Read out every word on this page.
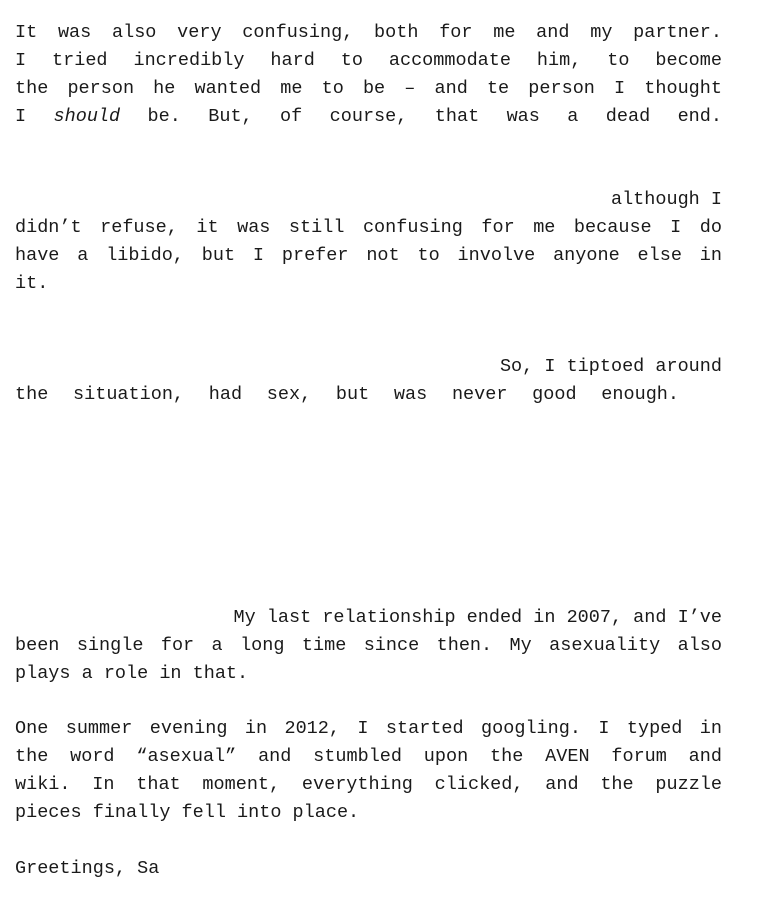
It was also very confusing, both for me and my partner.
I tried incredibly hard to accommodate him, to become
the person he wanted me to be – and te person I thought
I should be. But, of course, that was a dead end.
although I
didn’t refuse, it was still confusing for me because I do
have a libido, but I prefer not to involve anyone else in
it.
So, I tiptoed around
the situation, had sex, but was never good enough.
My last relationship ended in 2007, and I’ve
been single for a long time since then. My asexuality also
plays a role in that.
One summer evening in 2012, I started googling. I typed in
the word “asexual” and stumbled upon the AVEN forum and
wiki. In that moment, everything clicked, and the puzzle
pieces finally fell into place.
Greetings, Sa
